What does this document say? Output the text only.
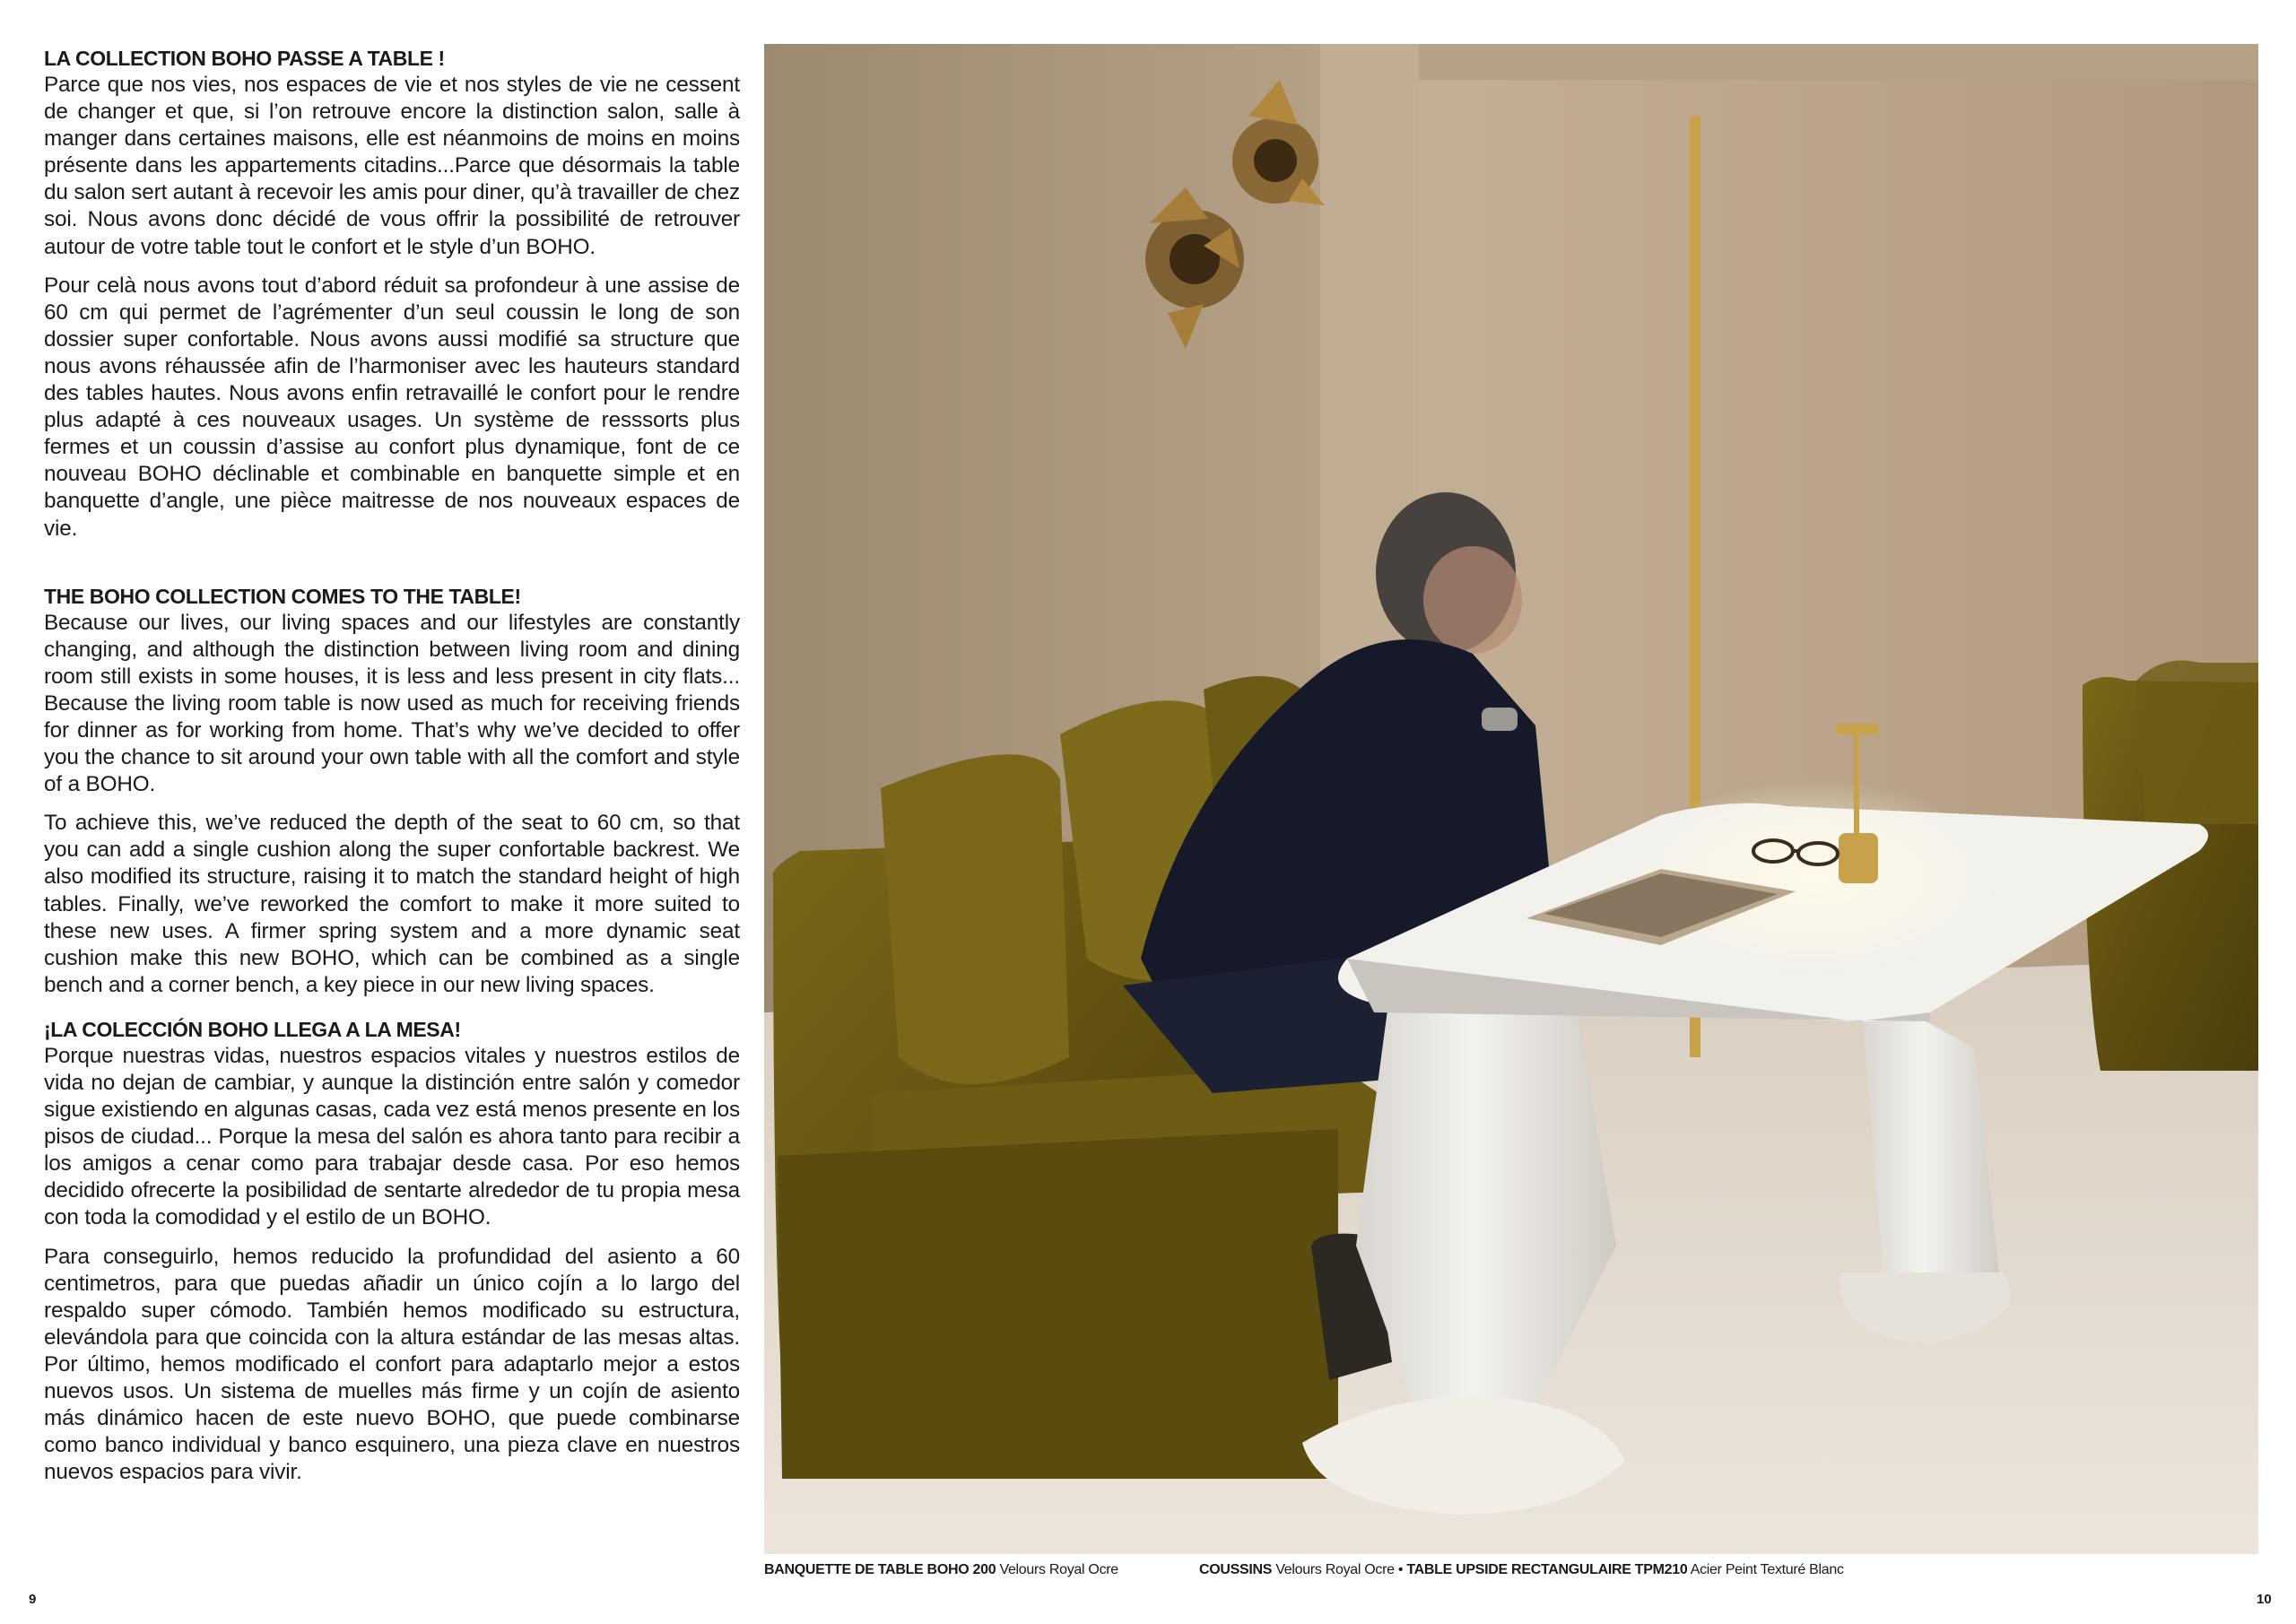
LA COLLECTION BOHO PASSE A TABLE !

Parce que nos vies, nos espaces de vie et nos styles de vie ne cessent de changer et que, si l’on retrouve encore la distinction salon, salle à manger dans certaines maisons, elle est néanmoins de moins en moins présente dans les appartements citadins...Parce que désormais la table du salon sert autant à recevoir les amis pour diner, qu’à travailler de chez soi. Nous avons donc décidé de vous offrir la possibilité de retrouver autour de votre table tout le confort et le style d’un BOHO.

Pour celà nous avons tout d’abord réduit sa profondeur à une assise de 60 cm qui permet de l’agrémenter d’un seul coussin le long de son dossier super confortable. Nous avons aussi modifié sa structure que nous avons réhaussée afin de l’harmoniser avec les hauteurs standard des tables hautes. Nous avons enfin retravaillé le confort pour le rendre plus adapté à ces nouveaux usages. Un système de resssorts plus fermes et un coussin d’assise au confort plus dynamique, font de ce nouveau BOHO déclinable et combinable en banquette simple et en banquette d’angle, une pièce maitresse de nos nouveaux espaces de vie.

THE BOHO COLLECTION COMES TO THE TABLE!

Because our lives, our living spaces and our lifestyles are constantly changing, and although the distinction between living room and dining room still exists in some houses, it is less and less present in city flats... Because the living room table is now used as much for receiving friends for dinner as for working from home. That’s why we’ve decided to offer you the chance to sit around your own table with all the comfort and style of a BOHO.

To achieve this, we’ve reduced the depth of the seat to 60 cm, so that you can add a single cushion along the super confortable backrest. We also modified its structure, raising it to match the standard height of high tables. Finally, we’ve reworked the comfort to make it more suited to these new uses. A firmer spring system and a more dynamic seat cushion make this new BOHO, which can be combined as a single bench and a corner bench, a key piece in our new living spaces.

¡LA COLECCIÓN BOHO LLEGA A LA MESA!

Porque nuestras vidas, nuestros espacios vitales y nuestros estilos de vida no dejan de cambiar, y aunque la distinción entre salón y comedor sigue existiendo en algunas casas, cada vez está menos presente en los pisos de ciudad... Porque la mesa del salón es ahora tanto para recibir a los amigos a cenar como para trabajar desde casa. Por eso hemos decidido ofrecerte la posibilidad de sentarte alrededor de tu propia mesa con toda la comodidad y el estilo de un BOHO.

Para conseguirlo, hemos reducido la profundidad del asiento a 60 centimetros, para que puedas añadir un único cojín a lo largo del respaldo super cómodo. También hemos modificado su estructura, elevándola para que coincida con la altura estándar de las mesas altas. Por último, hemos modificado el confort para adaptarlo mejor a estos nuevos usos. Un sistema de muelles más firme y un cojín de asiento más dinámico hacen de este nuevo BOHO, que puede combinarse como banco individual y banco esquinero, una pieza clave en nuestros nuevos espacios para vivir.

BANQUETTE DE TABLE BOHO 200 Velours Royal Ocre	COUSSINS Velours Royal Ocre • TABLE UPSIDE RECTANGULAIRE TPM210 Acier Peint Texturé Blanc
9	10
